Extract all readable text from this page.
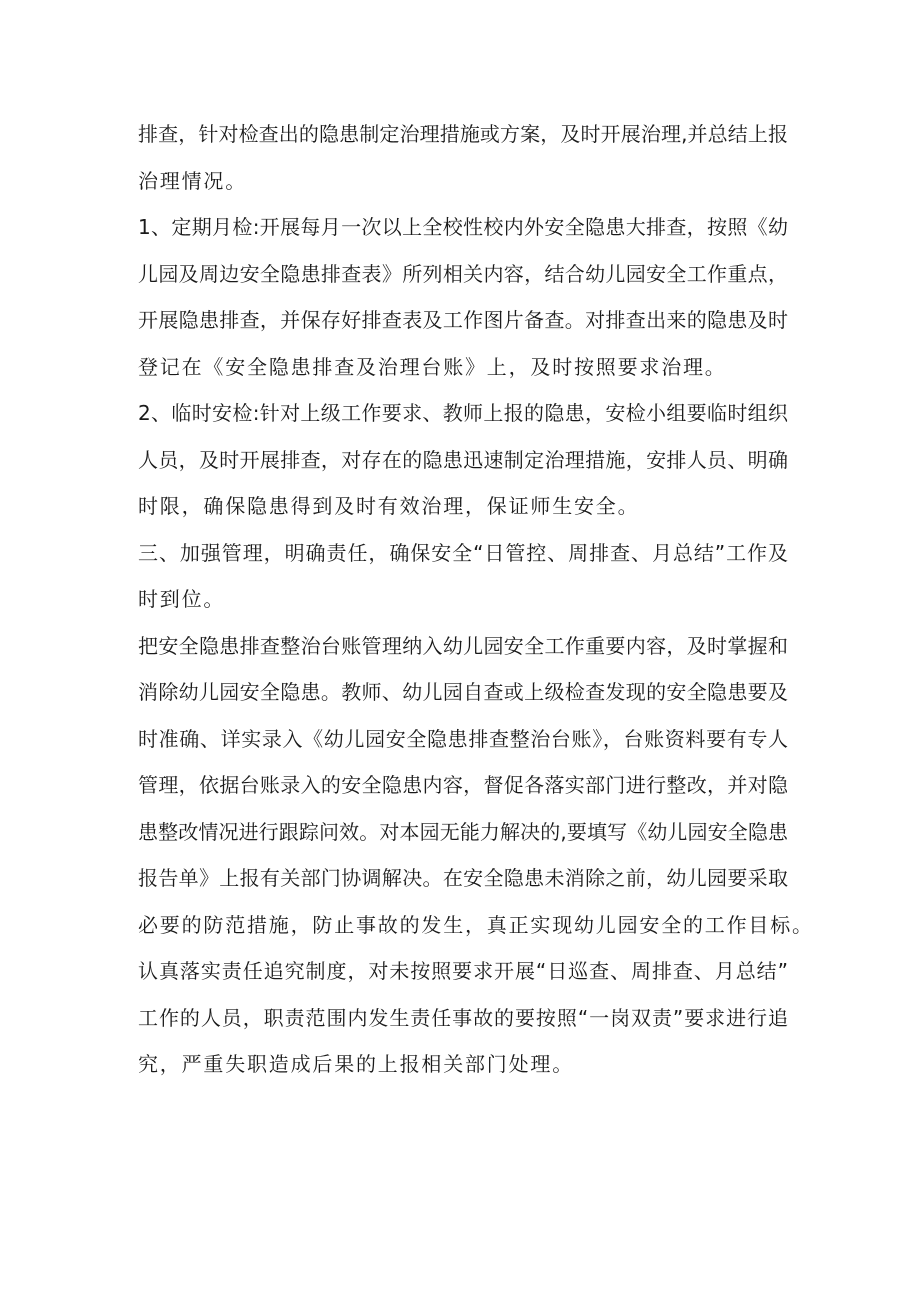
排查，针对检查出的隐患制定治理措施或方案，及时开展治理,并总结上报
治理情况。
1、定期月检:开展每月一次以上全校性校内外安全隐患大排查，按照《幼
儿园及周边安全隐患排查表》所列相关内容，结合幼儿园安全工作重点，
开展隐患排查，并保存好排查表及工作图片备查。对排查出来的隐患及时
登记在《安全隐患排查及治理台账》上，及时按照要求治理。
2、临时安检:针对上级工作要求、教师上报的隐患，安检小组要临时组织
人员，及时开展排查，对存在的隐患迅速制定治理措施，安排人员、明确
时限，确保隐患得到及时有效治理，保证师生安全。
三、加强管理，明确责任，确保安全“日管控、周排查、月总结”工作及
时到位。
把安全隐患排查整治台账管理纳入幼儿园安全工作重要内容，及时掌握和
消除幼儿园安全隐患。教师、幼儿园自查或上级检查发现的安全隐患要及
时准确、详实录入《幼儿园安全隐患排查整治台账》，台账资料要有专人
管理，依据台账录入的安全隐患内容，督促各落实部门进行整改，并对隐
患整改情况进行跟踪问效。对本园无能力解决的,要填写《幼儿园安全隐患
报告单》上报有关部门协调解决。在安全隐患未消除之前，幼儿园要采取
必要的防范措施，防止事故的发生，真正实现幼儿园安全的工作目标。
认真落实责任追究制度，对未按照要求开展“日巡查、周排查、月总结”
工作的人员，职责范围内发生责任事故的要按照“一岗双责”要求进行追
究，严重失职造成后果的上报相关部门处理。
